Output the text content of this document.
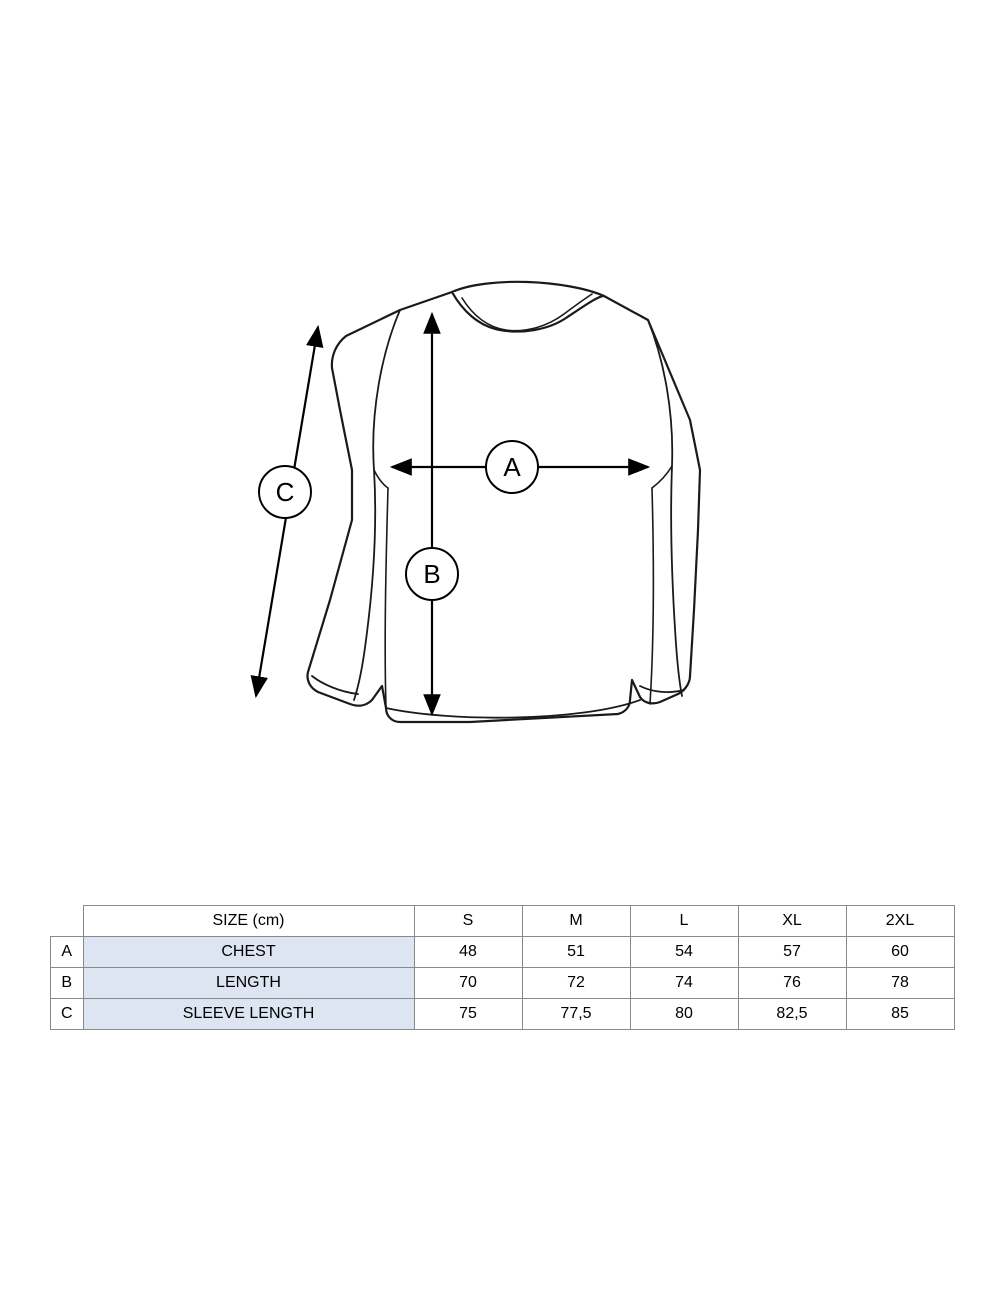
A
B
C
	SIZE (cm)	S	M	L	XL	2XL
A	CHEST	48	51	54	57	60
B	LENGTH	70	72	74	76	78
C	SLEEVE LENGTH	75	77,5	80	82,5	85
